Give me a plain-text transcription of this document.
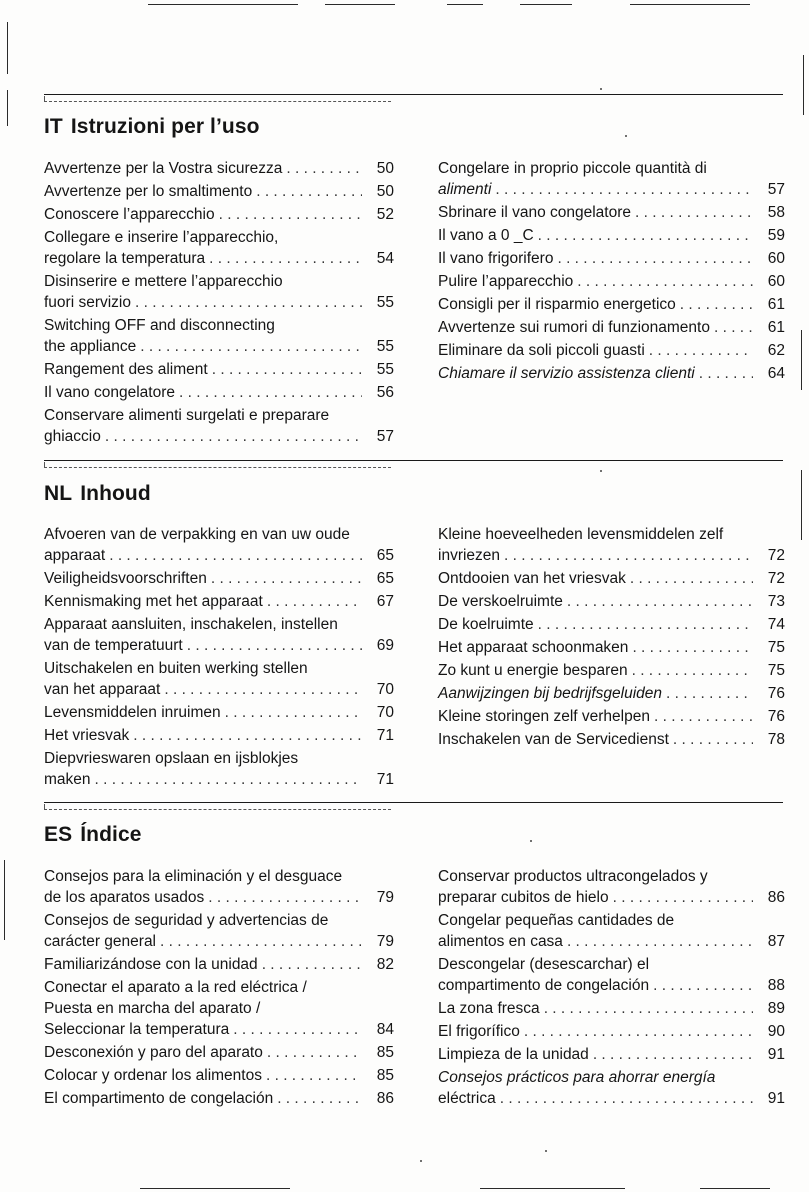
IT Istruzioni per l’uso
Avvertenze per la Vostra sicurezza . . .	50
Avvertenze per lo smaltimento . . .	50
Conoscere l’apparecchio . . .	52
Collegare e inserire l’apparecchio,
regolare la temperatura . . .	54
Disinserire e mettere l’apparecchio
fuori servizio . . .	55
Switching OFF and disconnecting
the appliance . . .	55
Rangement des aliment . . .	55
Il vano congelatore . . .	56
Conservare alimenti surgelati e preparare
ghiaccio . . .	57
Congelare in proprio piccole quantità di
alimenti . . .	57
Sbrinare il vano congelatore . . .	58
Il vano a 0 _C . . .	59
Il vano frigorifero . . .	60
Pulire l’apparecchio . . .	60
Consigli per il risparmio energetico . . .	61
Avvertenze sui rumori di funzionamento . . .	61
Eliminare da soli piccoli guasti . . .	62
Chiamare il servizio assistenza clienti . . .	64
NL Inhoud
Afvoeren van de verpakking en van uw oude
apparaat . . .	65
Veiligheidsvoorschriften . . .	65
Kennismaking met het apparaat . . .	67
Apparaat aansluiten, inschakelen, instellen
van de temperatuurt . . .	69
Uitschakelen en buiten werking stellen
van het apparaat . . .	70
Levensmiddelen inruimen . . .	70
Het vriesvak . . .	71
Diepvrieswaren opslaan en ijsblokjes
maken . . .	71
Kleine hoeveelheden levensmiddelen zelf
invriezen . . .	72
Ontdooien van het vriesvak . . .	72
De verskoelruimte . . .	73
De koelruimte . . .	74
Het apparaat schoonmaken . . .	75
Zo kunt u energie besparen . . .	75
Aanwijzingen bij bedrijfsgeluiden . . .	76
Kleine storingen zelf verhelpen . . .	76
Inschakelen van de Servicedienst . . .	78
ES Índice
Consejos para la eliminación y el desguace
de los aparatos usados . . .	79
Consejos de seguridad y advertencias de
carácter general . . .	79
Familiarizándose con la unidad . . .	82
Conectar el aparato a la red eléctrica /
Puesta en marcha del aparato /
Seleccionar la temperatura . . .	84
Desconexión y paro del aparato . . .	85
Colocar y ordenar los alimentos . . .	85
El compartimento de congelación . . .	86
Conservar productos ultracongelados y
preparar cubitos de hielo . . .	86
Congelar pequeñas cantidades de
alimentos en casa . . .	87
Descongelar (desescarchar) el
compartimento de congelación . . .	88
La zona fresca . . .	89
El frigorífico . . .	90
Limpieza de la unidad . . .	91
Consejos prácticos para ahorrar energía
eléctrica . . .	91
